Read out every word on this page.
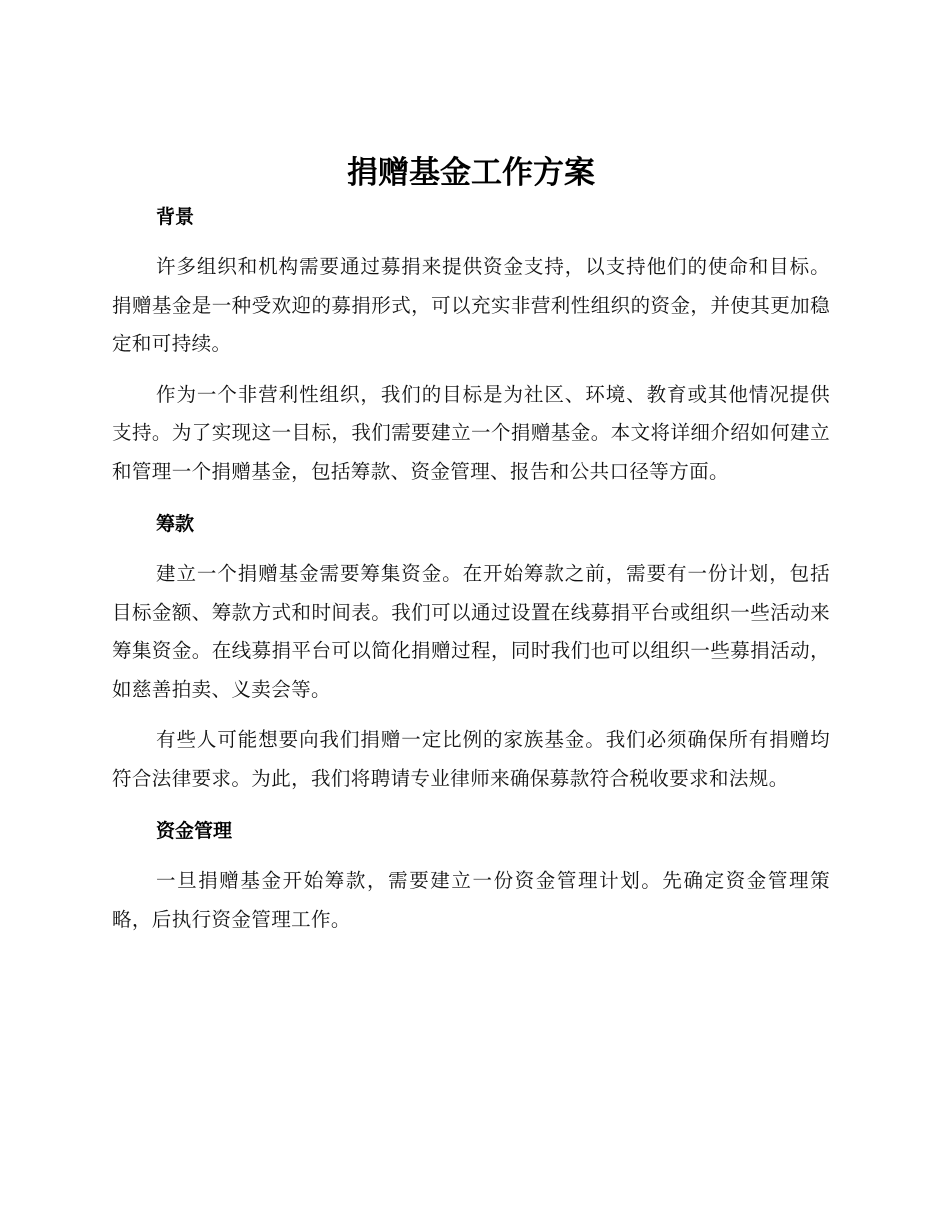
捐赠基金工作方案
背景

许多组织和机构需要通过募捐来提供资金支持，以支持他们的使命和目标。捐赠基金是一种受欢迎的募捐形式，可以充实非营利性组织的资金，并使其更加稳定和可持续。

作为一个非营利性组织，我们的目标是为社区、环境、教育或其他情况提供支持。为了实现这一目标，我们需要建立一个捐赠基金。本文将详细介绍如何建立和管理一个捐赠基金，包括筹款、资金管理、报告和公共口径等方面。

筹款

建立一个捐赠基金需要筹集资金。在开始筹款之前，需要有一份计划，包括目标金额、筹款方式和时间表。我们可以通过设置在线募捐平台或组织一些活动来筹集资金。在线募捐平台可以简化捐赠过程，同时我们也可以组织一些募捐活动，如慈善拍卖、义卖会等。

有些人可能想要向我们捐赠一定比例的家族基金。我们必须确保所有捐赠均符合法律要求。为此，我们将聘请专业律师来确保募款符合税收要求和法规。

资金管理

一旦捐赠基金开始筹款，需要建立一份资金管理计划。先确定资金管理策略，后执行资金管理工作。
